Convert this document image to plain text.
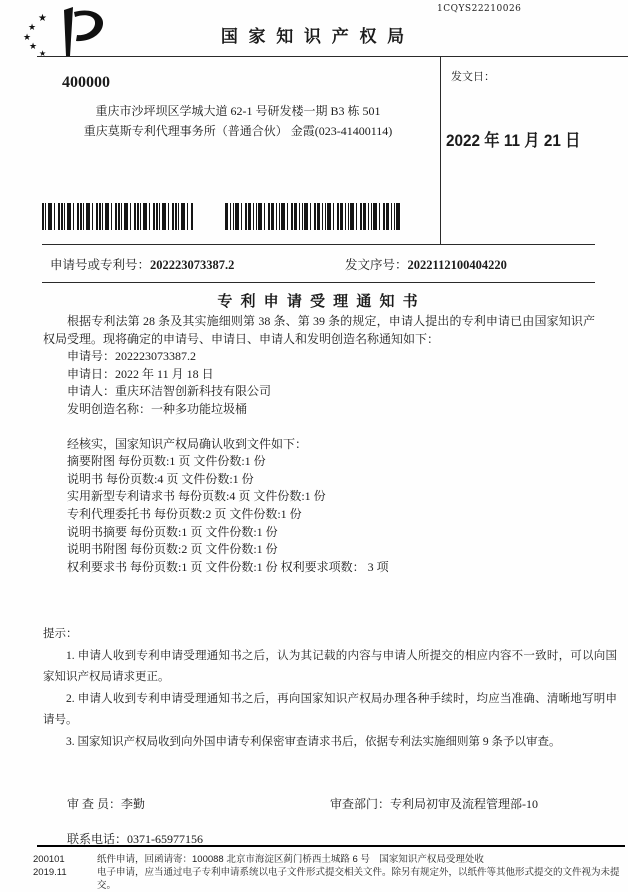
1CQYS22210026
★
★
★
★
★
国 家 知 识 产 权 局
400000
重庆市沙坪坝区学城大道 62-1 号研发楼一期 B3 栋 501
重庆莫斯专利代理事务所（普通合伙） 金霞(023-41400114)
发文日：
2022 年 11 月 21 日
申请号或专利号：202223073387.2	发文序号：2022112100404220
专 利 申 请 受 理 通 知 书

根据专利法第 28 条及其实施细则第 38 条、第 39 条的规定，申请人提出的专利申请已由国家知识产权局受理。现将确定的申请号、申请日、申请人和发明创造名称通知如下：

申请号：202223073387.2
申请日：2022 年 11 月 18 日
申请人：重庆环洁智创新科技有限公司
发明创造名称：一种多功能垃圾桶
经核实，国家知识产权局确认收到文件如下：
摘要附图 每份页数:1 页 文件份数:1 份
说明书 每份页数:4 页 文件份数:1 份
实用新型专利请求书 每份页数:4 页 文件份数:1 份
专利代理委托书 每份页数:2 页 文件份数:1 份
说明书摘要 每份页数:1 页 文件份数:1 份
说明书附图 每份页数:2 页 文件份数:1 份
权利要求书 每份页数:1 页 文件份数:1 份 权利要求项数： 3 项

提示：

1. 申请人收到专利申请受理通知书之后，认为其记载的内容与申请人所提交的相应内容不一致时，可以向国家知识产权局请求更正。

2. 申请人收到专利申请受理通知书之后，再向国家知识产权局办理各种手续时，均应当准确、清晰地写明申请号。

3. 国家知识产权局收到向外国申请专利保密审查请求书后，依据专利法实施细则第 9 条予以审查。

审 查 员：李勤	审查部门：专利局初审及流程管理部-10
联系电话：0371-65977156
200101
2019.11
纸件申请，回函请寄：100088 北京市海淀区蓟门桥西土城路 6 号　国家知识产权局受理处收
电子申请，应当通过电子专利申请系统以电子文件形式提交相关文件。除另有规定外，以纸件等其他形式提交的文件视为未提交。
